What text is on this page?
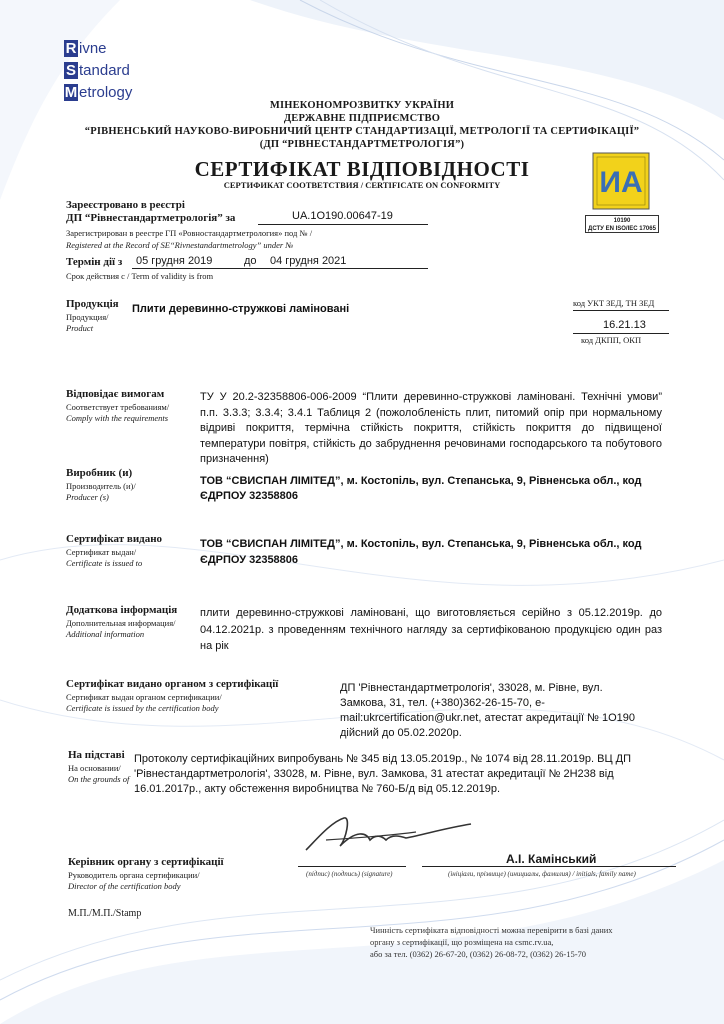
R ivne
S tandard
M etrology
МІНЕКОНОМРОЗВИТКУ УКРАЇНИ
ДЕРЖАВНЕ ПІДПРИЄМСТВО
“РІВНЕНСЬКИЙ НАУКОВО-ВИРОБНИЧИЙ ЦЕНТР СТАНДАРТИЗАЦІЇ, МЕТРОЛОГІЇ ТА СЕРТИФІКАЦІЇ”
(ДП “РІВНЕСТАНДАРТМЕТРОЛОГІЯ”)
СЕРТИФІКАТ ВІДПОВІДНОСТІ
СЕРТИФИКАТ СООТВЕТСТВИЯ / CERTIFICATE ON CONFORMITY	ИА
10190
ДСТУ EN ISO/IEC 17065
Зареєстровано в реєстрі
ДП “Рівнестандартметрологія” за	UA.1O190.00647-19
Зарегистрирован в реестре ГП «Ровностандартметрология» под № /
Registered at the Record of SE“Rivnestandartmetrology” under №
Термін дії з 05 грудня 2019	до 04 грудня 2021
Срок действия с / Term of validity is from
Продукція
Продукция/
Product
Плити деревинно-стружкові ламіновані	код УКТ ЗЕД, ТН ЗЕД
16.21.13
код ДКПП, ОКП
Відповідає вимогам
Соответствует требованиям/
Comply with the requirements
ТУ У 20.2-32358806-006-2009 “Плити деревинно-стружкові ламіновані. Технічні умови” п.п. 3.3.3; 3.3.4; 3.4.1 Таблиця 2 (пожолобленість плит, питомий опір при нормальному відриві покриття, термічна стійкість покриття, стійкість покриття до підвищеної температури повітря, стійкість до забруднення речовинами господарського та побутового призначення)
Виробник (и)
Производитель (и)/
Producer (s)
ТОВ “СВИСПАН ЛІМІТЕД”, м. Костопіль, вул. Степанська, 9, Рівненська обл., код ЄДРПОУ 32358806
Сертифікат видано
Сертификат выдан/
Certificate is issued to
ТОВ “СВИСПАН ЛІМІТЕД”, м. Костопіль, вул. Степанська, 9, Рівненська обл., код ЄДРПОУ 32358806
Додаткова інформація
Дополнительная информация/
Additional information
плити деревинно-стружкові ламіновані, що виготовляється серійно з 05.12.2019р. до 04.12.2021р. з проведенням технічного нагляду за сертифікованою продукцією один раз на рік
Сертифікат видано органом з сертифікації
Сертификат выдан органом сертификации/
Certificate is issued by the certification body
ДП 'Рівнестандартметрологія', 33028, м. Рівне, вул. Замкова, 31, тел. (+380)362-26-15-70, e-mail:ukrcertification@ukr.net, атестат акредитації № 1О190 дійсний до 05.02.2020р.
На підставі
На основании/
On the grounds of
Протоколу сертифікаційних випробувань № 345 від 13.05.2019р., № 1074 від 28.11.2019р. ВЦ ДП 'Рівнестандартметрологія', 33028, м. Рівне, вул. Замкова, 31 атестат акредитації № 2Н238 від 16.01.2017р., акту обстеження виробництва № 760-Б/д від 05.12.2019р.
Керівник органу з сертифікації
Руководитель органа сертификации/
Director of the certification body
(підпис) (подпись) (signature)
А.І. Камінський
(ініціали, прізвище) (инициалы, фамилия) / initials, family name)
М.П./М.П./Stamp
Чинність сертифіката відповідності можна перевірити в базі даних
органу з сертифікації, що розміщена на csmc.rv.ua,
або за тел. (0362) 26-67-20, (0362) 26-08-72, (0362) 26-15-70
